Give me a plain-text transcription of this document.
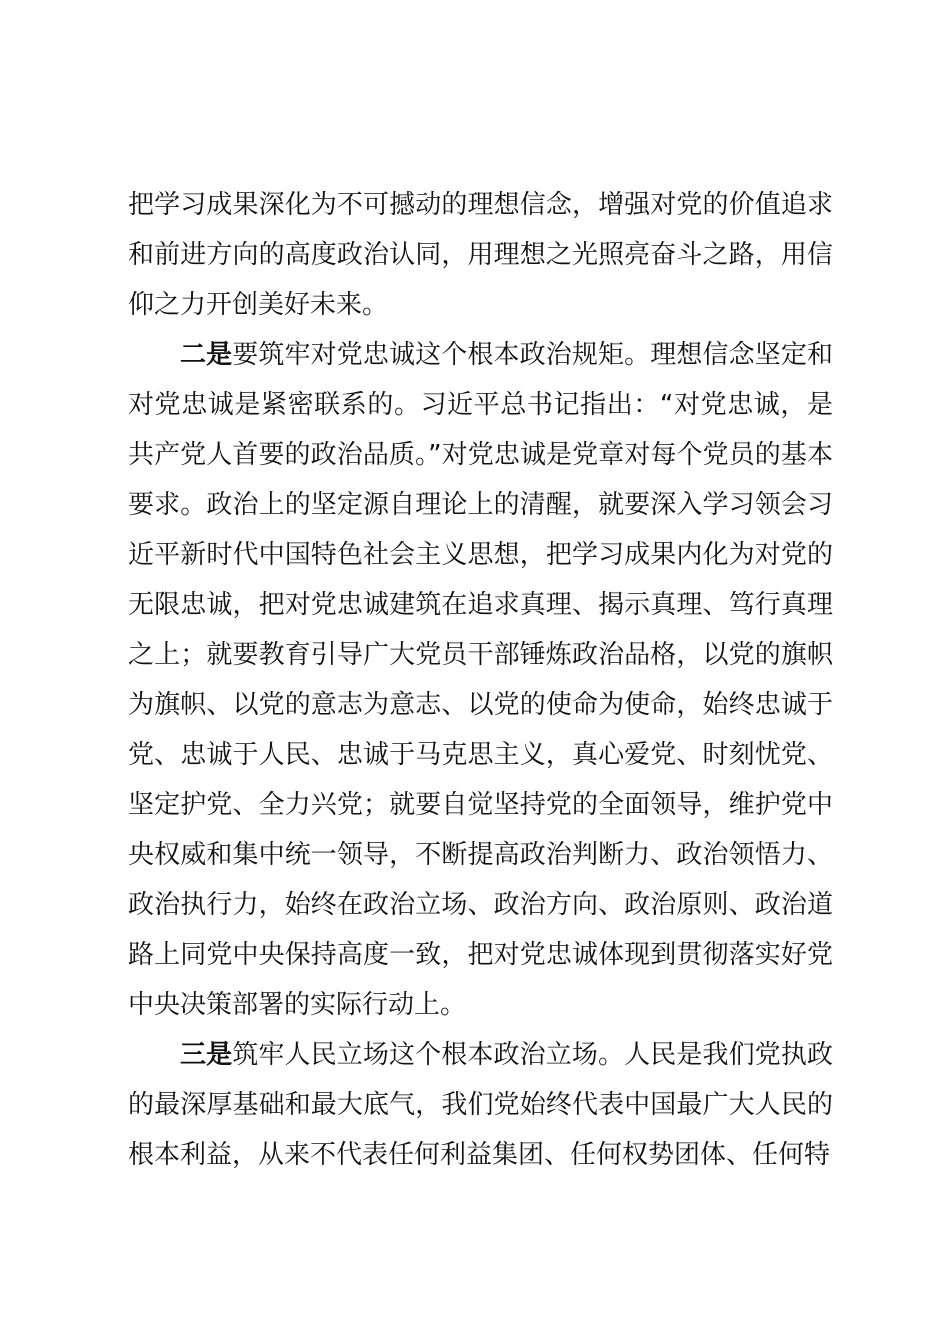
把学习成果深化为不可撼动的理想信念，增强对党的价值追求和前进方向的高度政治认同，用理想之光照亮奋斗之路，用信仰之力开创美好未来。

二是要筑牢对党忠诚这个根本政治规矩。理想信念坚定和对党忠诚是紧密联系的。习近平总书记指出：“对党忠诚，是共产党人首要的政治品质。”对党忠诚是党章对每个党员的基本要求。政治上的坚定源自理论上的清醒，就要深入学习领会习近平新时代中国特色社会主义思想，把学习成果内化为对党的无限忠诚，把对党忠诚建筑在追求真理、揭示真理、笃行真理之上；就要教育引导广大党员干部锤炼政治品格，以党的旗帜为旗帜、以党的意志为意志、以党的使命为使命，始终忠诚于党、忠诚于人民、忠诚于马克思主义，真心爱党、时刻忧党、坚定护党、全力兴党；就要自觉坚持党的全面领导，维护党中央权威和集中统一领导，不断提高政治判断力、政治领悟力、政治执行力，始终在政治立场、政治方向、政治原则、政治道路上同党中央保持高度一致，把对党忠诚体现到贯彻落实好党中央决策部署的实际行动上。

三是筑牢人民立场这个根本政治立场。人民是我们党执政的最深厚基础和最大底气，我们党始终代表中国最广大人民的根本利益，从来不代表任何利益集团、任何权势团体、任何特
